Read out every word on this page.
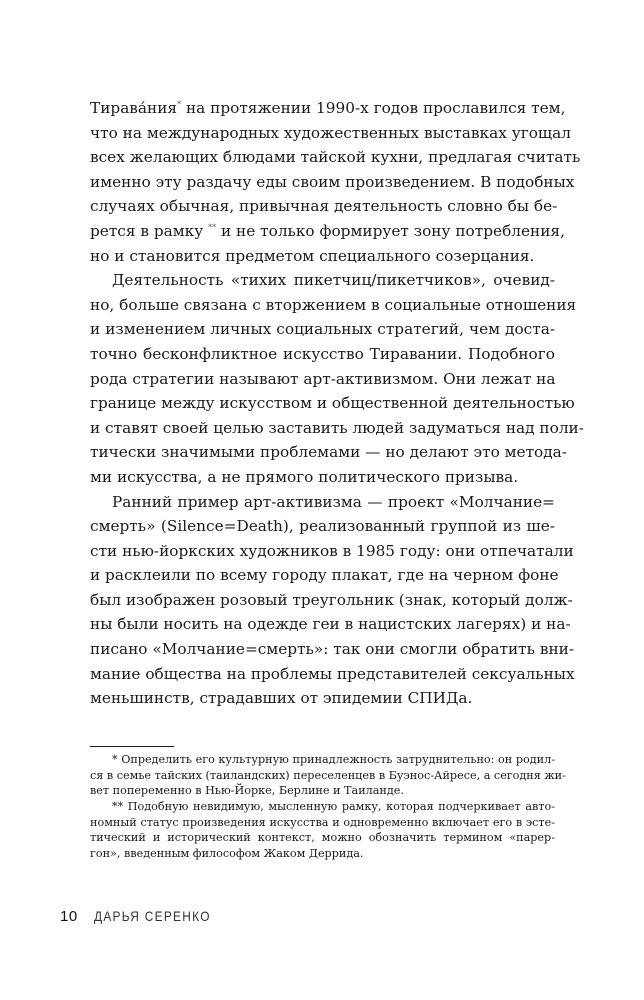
Тирава́ния* на протяжении 1990-х годов прославился тем,
что на международных художественных выставках угощал
всех желающих блюдами тайской кухни, предлагая считать
именно эту раздачу еды своим произведением. В подобных
случаях обычная, привычная деятельность словно бы бе-
рется в рамку ** и не только формирует зону потребления,
но и становится предметом специального созерцания.
Деятельность «тихих пикетчиц/пикетчиков», очевид-
но, больше связана с вторжением в социальные отношения
и изменением личных социальных стратегий, чем доста-
точно бесконфликтное искусство Тиравании. Подобного
рода стратегии называют арт-активизмом. Они лежат на
границе между искусством и общественной деятельностью
и ставят своей целью заставить людей задуматься над поли-
тически значимыми проблемами — но делают это метода-
ми искусства, а не прямого политического призыва.
Ранний пример арт-активизма — проект «Молчание=
смерть» (Silence=Death), реализованный группой из ше-
сти нью-йоркских художников в 1985 году: они отпечатали
и расклеили по всему городу плакат, где на черном фоне
был изображен розовый треугольник (знак, который долж-
ны были носить на одежде геи в нацистских лагерях) и на-
писано «Молчание=смерть»: так они смогли обратить вни-
мание общества на проблемы представителей сексуальных
меньшинств, страдавших от эпидемии СПИДа.
* Определить его культурную принадлежность затруднительно: он родил-
ся в семье тайских (таиландских) переселенцев в Буэнос-Айресе, а сегодня жи-
вет попеременно в Нью-Йорке, Берлине и Таиланде.
** Подобную невидимую, мысленную рамку, которая подчеркивает авто-
номный статус произведения искусства и одновременно включает его в эсте-
тический и исторический контекст, можно обозначить термином «парер-
гон», введенным философом Жаком Деррида.
10 ДАРЬЯ СЕРЕНКО
